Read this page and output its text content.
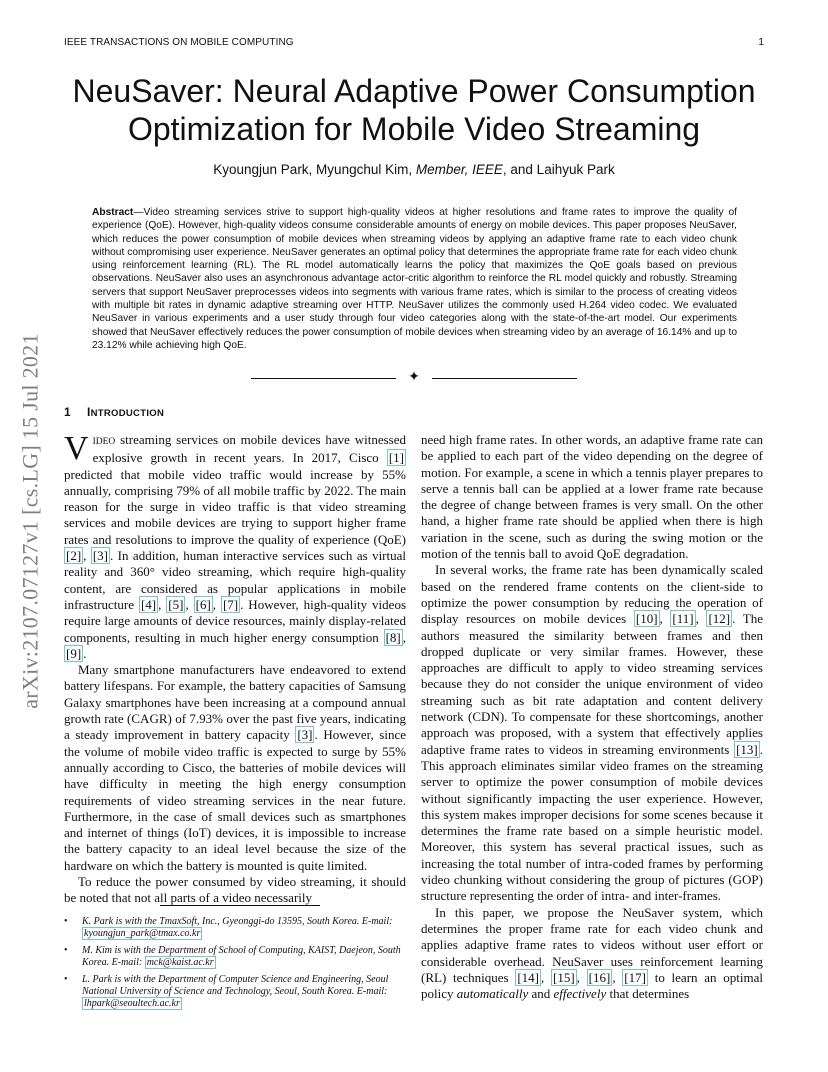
IEEE TRANSACTIONS ON MOBILE COMPUTING	1
arXiv:2107.07127v1 [cs.LG] 15 Jul 2021
NeuSaver: Neural Adaptive Power Consumption
Optimization for Mobile Video Streaming
Kyoungjun Park, Myungchul Kim, Member, IEEE, and Laihyuk Park
Abstract—Video streaming services strive to support high-quality videos at higher resolutions and frame rates to improve the quality of experience (QoE). However, high-quality videos consume considerable amounts of energy on mobile devices. This paper proposes NeuSaver, which reduces the power consumption of mobile devices when streaming videos by applying an adaptive frame rate to each video chunk without compromising user experience. NeuSaver generates an optimal policy that determines the appropriate frame rate for each video chunk using reinforcement learning (RL). The RL model automatically learns the policy that maximizes the QoE goals based on previous observations. NeuSaver also uses an asynchronous advantage actor-critic algorithm to reinforce the RL model quickly and robustly. Streaming servers that support NeuSaver preprocesses videos into segments with various frame rates, which is similar to the process of creating videos with multiple bit rates in dynamic adaptive streaming over HTTP. NeuSaver utilizes the commonly used H.264 video codec. We evaluated NeuSaver in various experiments and a user study through four video categories along with the state-of-the-art model. Our experiments showed that NeuSaver effectively reduces the power consumption of mobile devices when streaming video by an average of 16.14% and up to 23.12% while achieving high QoE.
✦
1 INTRODUCTION

VIDEO streaming services on mobile devices have witnessed explosive growth in recent years. In 2017, Cisco [1] predicted that mobile video traffic would increase by 55% annually, comprising 79% of all mobile traffic by 2022. The main reason for the surge in video traffic is that video streaming services and mobile devices are trying to support higher frame rates and resolutions to improve the quality of experience (QoE) [2] , [3] . In addition, human interactive services such as virtual reality and 360° video streaming, which require high-quality content, are considered as popular applications in mobile infrastructure [4] , [5] , [6] , [7] . However, high-quality videos require large amounts of device resources, mainly display-related components, resulting in much higher energy consumption [8] , [9] .

Many smartphone manufacturers have endeavored to extend battery lifespans. For example, the battery capacities of Samsung Galaxy smartphones have been increasing at a compound annual growth rate (CAGR) of 7.93% over the past five years, indicating a steady improvement in battery capacity [3] . However, since the volume of mobile video traffic is expected to surge by 55% annually according to Cisco, the batteries of mobile devices will have difficulty in meeting the high energy consumption requirements of video streaming services in the near future. Furthermore, in the case of small devices such as smartphones and internet of things (IoT) devices, it is impossible to increase the battery capacity to an ideal level because the size of the hardware on which the battery is mounted is quite limited.

To reduce the power consumed by video streaming, it should be noted that not all parts of a video necessarily

• K. Park is with the TmaxSoft, Inc., Gyeonggi-do 13595, South Korea. E-mail: kyoungjun_park@tmax.co.kr
• M. Kim is with the Department of School of Computing, KAIST, Daejeon, South Korea. E-mail: mck@kaist.ac.kr
• L. Park is with the Department of Computer Science and Engineering, Seoul National University of Science and Technology, Seoul, South Korea. E-mail: lhpark@seoultech.ac.kr

need high frame rates. In other words, an adaptive frame rate can be applied to each part of the video depending on the degree of motion. For example, a scene in which a tennis player prepares to serve a tennis ball can be applied at a lower frame rate because the degree of change between frames is very small. On the other hand, a higher frame rate should be applied when there is high variation in the scene, such as during the swing motion or the motion of the tennis ball to avoid QoE degradation.

In several works, the frame rate has been dynamically scaled based on the rendered frame contents on the client-side to optimize the power consumption by reducing the operation of display resources on mobile devices [10] , [11] , [12] . The authors measured the similarity between frames and then dropped duplicate or very similar frames. However, these approaches are difficult to apply to video streaming services because they do not consider the unique environment of video streaming such as bit rate adaptation and content delivery network (CDN). To compensate for these shortcomings, another approach was proposed, with a system that effectively applies adaptive frame rates to videos in streaming environments [13] . This approach eliminates similar video frames on the streaming server to optimize the power consumption of mobile devices without significantly impacting the user experience. However, this system makes improper decisions for some scenes because it determines the frame rate based on a simple heuristic model. Moreover, this system has several practical issues, such as increasing the total number of intra-coded frames by performing video chunking without considering the group of pictures (GOP) structure representing the order of intra- and inter-frames.

In this paper, we propose the NeuSaver system, which determines the proper frame rate for each video chunk and applies adaptive frame rates to videos without user effort or considerable overhead. NeuSaver uses reinforcement learning (RL) techniques [14] , [15] , [16] , [17] to learn an optimal policy automatically and effectively that determines
